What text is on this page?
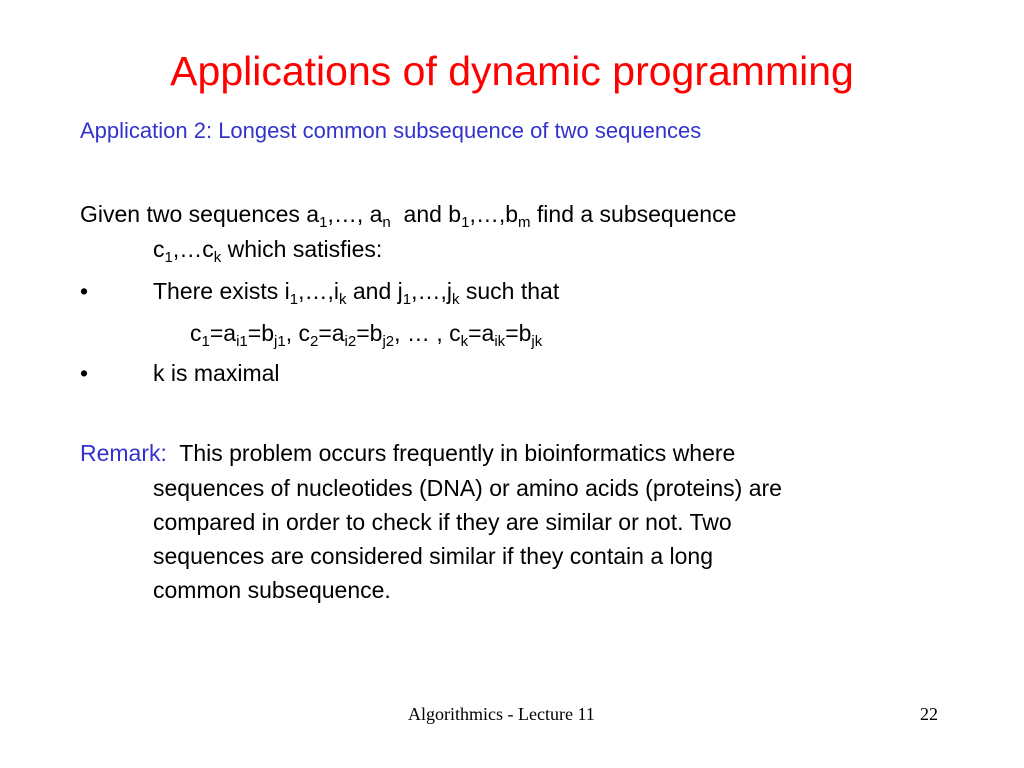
Applications of dynamic programming
Application 2: Longest common subsequence of two sequences
Given two sequences $a_1,\dots$, $a_n$  and $b_1,\dots,b_m$ find a subsequence
$c_1,\dots c_k$ which satisfies:
•	There exists $i_1,\dots,i_k$ and $j_1,\dots,j_k$ such that
$c_1=a_{i1}=b_{j1}$, $c_2=a_{i2}=b_{j2}$, … , $c_k=a_{ik}=b_{jk}$
•	k is maximal
Remark:  This problem occurs frequently in bioinformatics where
sequences of nucleotides (DNA) or amino acids (proteins) are
compared in order to check if they are similar or not. Two
sequences are considered similar if they contain a long
common subsequence.
Algorithmics - Lecture 11	22
